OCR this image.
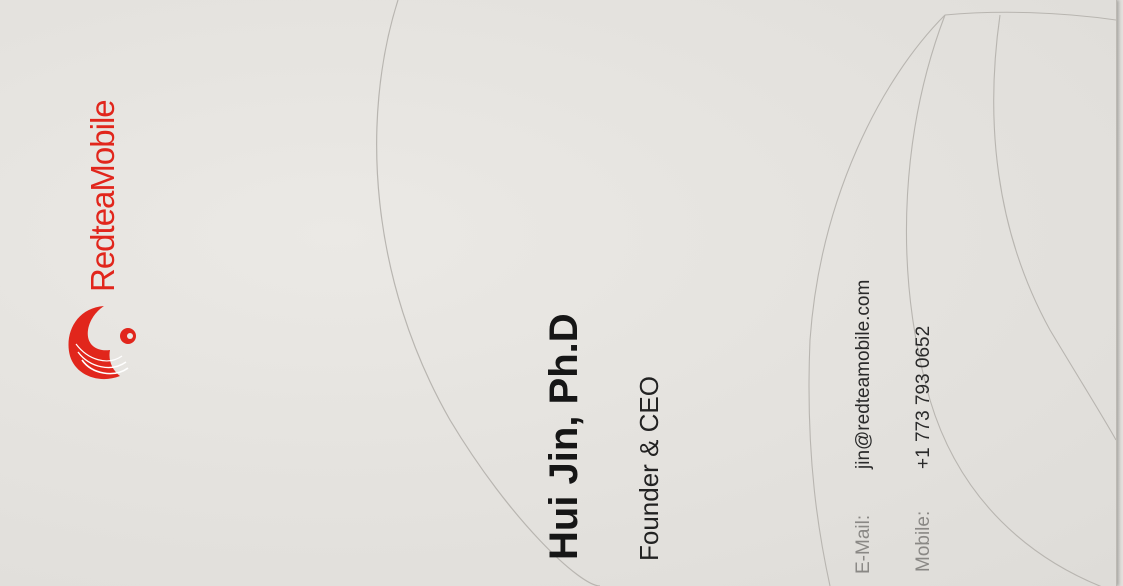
RedteaMobile
Hui Jin, Ph.D Founder & CEO	E-Mail:
jin@redteamobile.com
Mobile:
+1 773 793 0652
